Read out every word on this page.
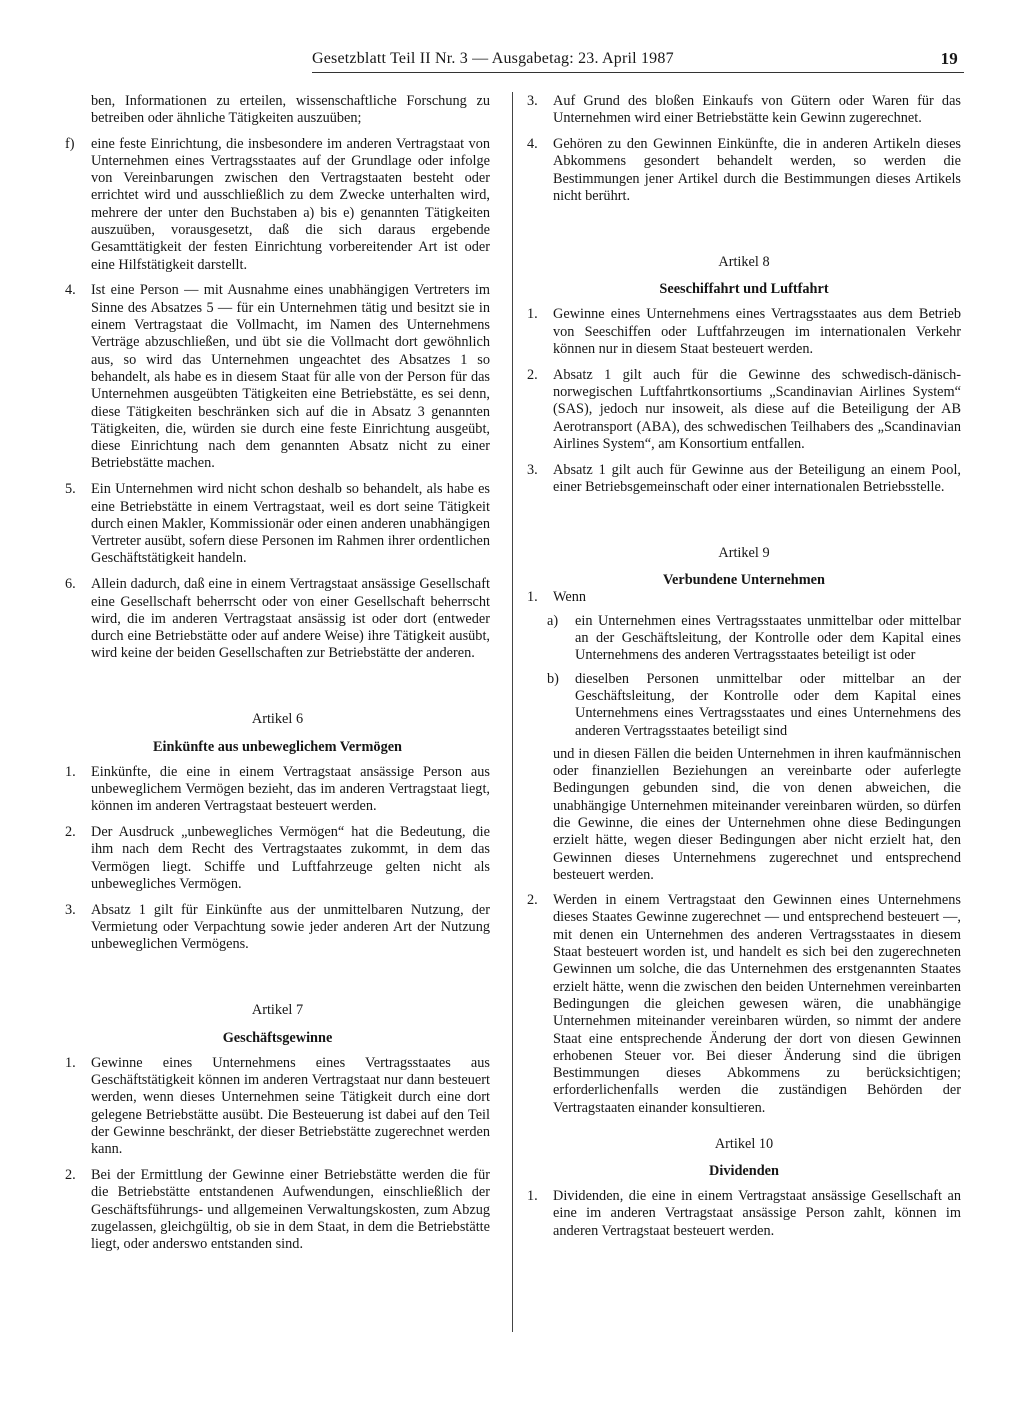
Gesetzblatt Teil II Nr. 3 — Ausgabetag: 23. April 1987	19
ben, Informationen zu erteilen, wissenschaftliche Forschung zu betreiben oder ähnliche Tätigkeiten auszuüben;
f) eine feste Einrichtung, die insbesondere im anderen Vertragstaat von Unternehmen eines Vertragsstaates auf der Grundlage oder infolge von Vereinbarungen zwischen den Vertragstaaten besteht oder errichtet wird und ausschließlich zu dem Zwecke unterhalten wird, mehrere der unter den Buchstaben a) bis e) genannten Tätigkeiten auszuüben, vorausgesetzt, daß die sich daraus ergebende Gesamttätigkeit der festen Einrichtung vorbereitender Art ist oder eine Hilfstätigkeit darstellt.
4. Ist eine Person — mit Ausnahme eines unabhängigen Vertreters im Sinne des Absatzes 5 — für ein Unternehmen tätig und besitzt sie in einem Vertragstaat die Vollmacht, im Namen des Unternehmens Verträge abzuschließen, und übt sie die Vollmacht dort gewöhnlich aus, so wird das Unternehmen ungeachtet des Absatzes 1 so behandelt, als habe es in diesem Staat für alle von der Person für das Unternehmen ausgeübten Tätigkeiten eine Betriebstätte, es sei denn, diese Tätigkeiten beschränken sich auf die in Absatz 3 genannten Tätigkeiten, die, würden sie durch eine feste Einrichtung ausgeübt, diese Einrichtung nach dem genannten Absatz nicht zu einer Betriebstätte machen.
5. Ein Unternehmen wird nicht schon deshalb so behandelt, als habe es eine Betriebstätte in einem Vertragstaat, weil es dort seine Tätigkeit durch einen Makler, Kommissionär oder einen anderen unabhängigen Vertreter ausübt, sofern diese Personen im Rahmen ihrer ordentlichen Geschäftstätigkeit handeln.
6. Allein dadurch, daß eine in einem Vertragstaat ansässige Gesellschaft eine Gesellschaft beherrscht oder von einer Gesellschaft beherrscht wird, die im anderen Vertragstaat ansässig ist oder dort (entweder durch eine Betriebstätte oder auf andere Weise) ihre Tätigkeit ausübt, wird keine der beiden Gesellschaften zur Betriebstätte der anderen.
Artikel 6
Einkünfte aus unbeweglichem Vermögen
1. Einkünfte, die eine in einem Vertragstaat ansässige Person aus unbeweglichem Vermögen bezieht, das im anderen Vertragstaat liegt, können im anderen Vertragstaat besteuert werden.
2. Der Ausdruck „unbewegliches Vermögen“ hat die Bedeutung, die ihm nach dem Recht des Vertragstaates zukommt, in dem das Vermögen liegt. Schiffe und Luftfahrzeuge gelten nicht als unbewegliches Vermögen.
3. Absatz 1 gilt für Einkünfte aus der unmittelbaren Nutzung, der Vermietung oder Verpachtung sowie jeder anderen Art der Nutzung unbeweglichen Vermögens.
Artikel 7
Geschäftsgewinne
1. Gewinne eines Unternehmens eines Vertragsstaates aus Geschäftstätigkeit können im anderen Vertragstaat nur dann besteuert werden, wenn dieses Unternehmen seine Tätigkeit durch eine dort gelegene Betriebstätte ausübt. Die Besteuerung ist dabei auf den Teil der Gewinne beschränkt, der dieser Betriebstätte zugerechnet werden kann.
2. Bei der Ermittlung der Gewinne einer Betriebstätte werden die für die Betriebstätte entstandenen Aufwendungen, einschließlich der Geschäftsführungs- und allgemeinen Verwaltungskosten, zum Abzug zugelassen, gleichgültig, ob sie in dem Staat, in dem die Betriebstätte liegt, oder anderswo entstanden sind.
3. Auf Grund des bloßen Einkaufs von Gütern oder Waren für das Unternehmen wird einer Betriebstätte kein Gewinn zugerechnet.
4. Gehören zu den Gewinnen Einkünfte, die in anderen Artikeln dieses Abkommens gesondert behandelt werden, so werden die Bestimmungen jener Artikel durch die Bestimmungen dieses Artikels nicht berührt.
Artikel 8
Seeschiffahrt und Luftfahrt
1. Gewinne eines Unternehmens eines Vertragsstaates aus dem Betrieb von Seeschiffen oder Luftfahrzeugen im internationalen Verkehr können nur in diesem Staat besteuert werden.
2. Absatz 1 gilt auch für die Gewinne des schwedisch-dänisch-norwegischen Luftfahrtkonsortiums „Scandinavian Airlines System“ (SAS), jedoch nur insoweit, als diese auf die Beteiligung der AB Aerotransport (ABA), des schwedischen Teilhabers des „Scandinavian Airlines System“, am Konsortium entfallen.
3. Absatz 1 gilt auch für Gewinne aus der Beteiligung an einem Pool, einer Betriebsgemeinschaft oder einer internationalen Betriebsstelle.
Artikel 9
Verbundene Unternehmen
1. Wenn
a) ein Unternehmen eines Vertragsstaates unmittelbar oder mittelbar an der Geschäftsleitung, der Kontrolle oder dem Kapital eines Unternehmens des anderen Vertragsstaates beteiligt ist oder
b) dieselben Personen unmittelbar oder mittelbar an der Geschäftsleitung, der Kontrolle oder dem Kapital eines Unternehmens eines Vertragsstaates und eines Unternehmens des anderen Vertragsstaates beteiligt sind
und in diesen Fällen die beiden Unternehmen in ihren kaufmännischen oder finanziellen Beziehungen an vereinbarte oder auferlegte Bedingungen gebunden sind, die von denen abweichen, die unabhängige Unternehmen miteinander vereinbaren würden, so dürfen die Gewinne, die eines der Unternehmen ohne diese Bedingungen erzielt hätte, wegen dieser Bedingungen aber nicht erzielt hat, den Gewinnen dieses Unternehmens zugerechnet und entsprechend besteuert werden.
2. Werden in einem Vertragstaat den Gewinnen eines Unternehmens dieses Staates Gewinne zugerechnet — und entsprechend besteuert —, mit denen ein Unternehmen des anderen Vertragsstaates in diesem Staat besteuert worden ist, und handelt es sich bei den zugerechneten Gewinnen um solche, die das Unternehmen des erstgenannten Staates erzielt hätte, wenn die zwischen den beiden Unternehmen vereinbarten Bedingungen die gleichen gewesen wären, die unabhängige Unternehmen miteinander vereinbaren würden, so nimmt der andere Staat eine entsprechende Änderung der dort von diesen Gewinnen erhobenen Steuer vor. Bei dieser Änderung sind die übrigen Bestimmungen dieses Abkommens zu berücksichtigen; erforderlichenfalls werden die zuständigen Behörden der Vertragstaaten einander konsultieren.
Artikel 10
Dividenden
1. Dividenden, die eine in einem Vertragstaat ansässige Gesellschaft an eine im anderen Vertragstaat ansässige Person zahlt, können im anderen Vertragstaat besteuert werden.
